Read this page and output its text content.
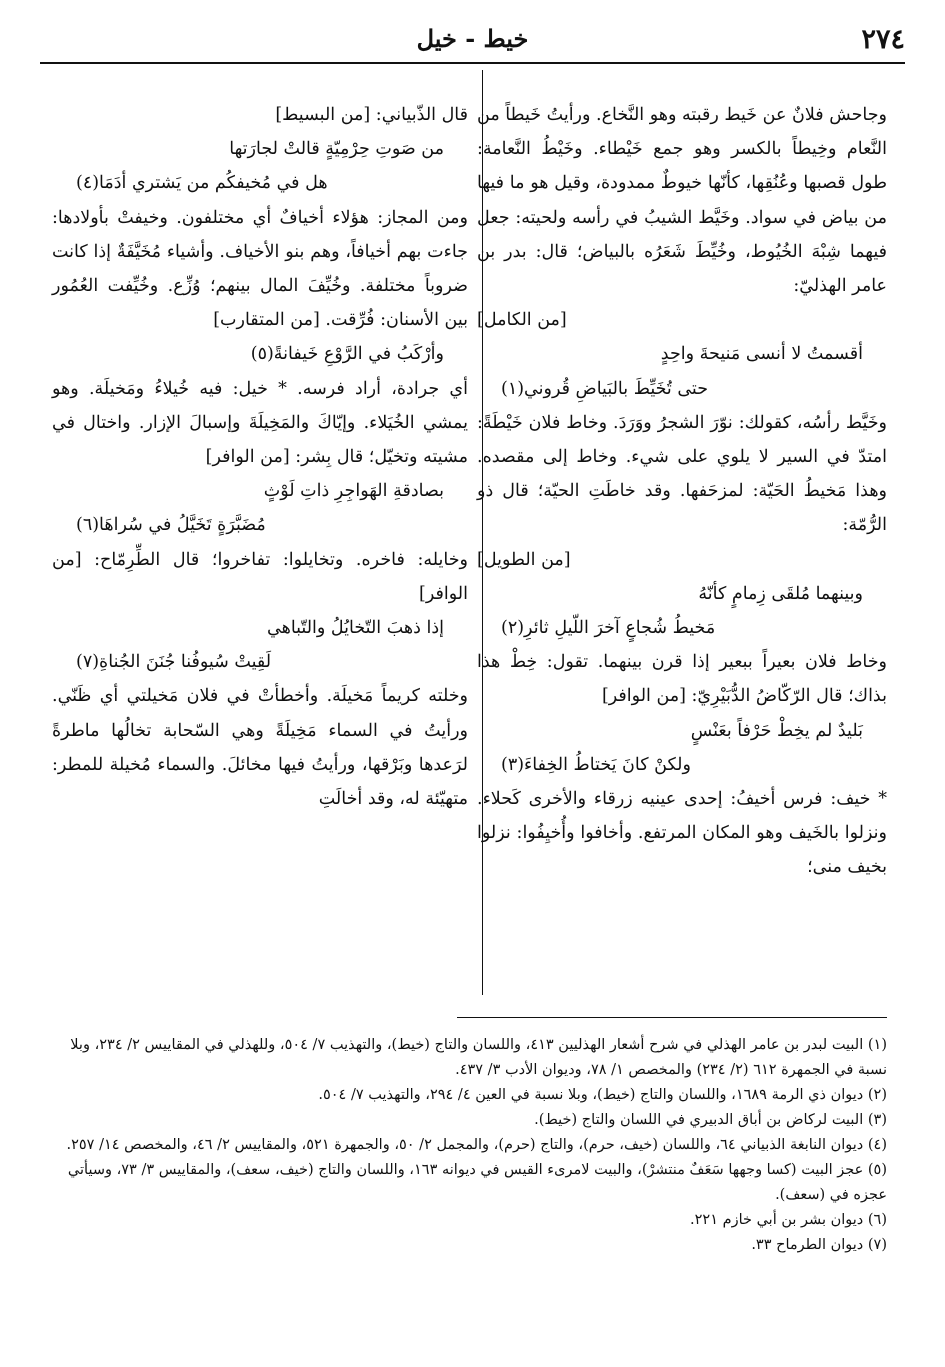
٢٧٤
خيط - خيل

وجاحش فلانٌ عن خَيط رقبته وهو النَّخاع. ورأيتُ خَيطاً من النَّعام وخِيطاً بالكسر وهو جمع خَيْطاء. وخَيْطُ النَّعامة: طول قصبها وعُنُقِها، كأنّها خيوطٌ ممدودة، وقيل هو ما فيها من بياض في سواد. وخَيَّط الشيبُ في رأسه ولحيته: جعل فيهما شِبْهَ الخُيُوط، وخُيِّطَ شَعَرُه بالبياض؛ قال: بدر بن عامر الهذليّ:

[من الكامل]

أقسمتُ لا أنسى مَنيحةَ واحِدٍ

حتى تُخَيِّطَ بالبَياضِ قُروني(١)

وخَيَّط رأسُه، كقولك: نوّرَ الشجرُ ووَرَدَ. وخاط فلان خَيْطَةً: امتدّ في السير لا يلوي على شيء. وخاط إلى مقصده. وهذا مَخيطُ الحَيّة: لمزحَفها. وقد خاطَتِ الحيّة؛ قال ذو الرُّمّة:

[من الطويل]

وبينهما مُلقَى زِمامٍ كأنّهُ

مَخيطُ شُجاعٍ آخرَ اللّيلِ ثائرِ(٢)

وخاط فلان بعيراً ببعير إذا قرن بينهما. تقول: خِطْ هذا بذاك؛ قال الرّكّاضُ الدُّبَيْرِيّ: [من الوافر]

بَليدٌ لم يخِطْ حَرْفاً بعَنْسٍ

ولكنْ كانَ يَختاطُ الخِفاءَ(٣)

* خيف: فرس أخيفُ: إحدى عينيه زرقاء والأخرى كَحلاء. ونزلوا بالخَيف وهو المكان المرتفع. وأخافوا وأُخيِفُوا: نزلوا بخيف منى؛

قال الذّبياني: [من البسيط]

من صَوتِ حِرْمِيّةٍ قالتْ لجارَتها

هل في مُخيفكُم من يَشتري أدَمَا(٤)

ومن المجاز: هؤلاء أخيافٌ أي مختلفون. وخيفتْ بأولادها: جاءت بهم أخيافاً، وهم بنو الأخياف. وأشياء مُخَيَّفَةٌ إذا كانت ضروباً مختلفة. وخُيِّفَ المال بينهم؛ وُزِّع. وخُيِّفت العُمُور بين الأسنان: فُرِّقت. [من المتقارب]

وأرْكَبُ في الرَّوْعِ خَيفانةً(٥)

أي جرادة، أراد فرسه. * خيل: فيه خُيلاءُ ومَخيلَة. وهو يمشي الخُيَلاء. وإيّاكَ والمَخِيلَةَ وإسبالَ الإزار. واختال في مشيته وتخيّل؛ قال بِشر: [من الوافر]

بصادقةِ الهَواجِرِ ذاتِ لَوْثٍ

مُضَبَّرَةٍ تَخَيَّلُ في سُراهَا(٦)

وخايله: فاخره. وتخايلوا: تفاخروا؛ قال الطِّرِمّاح: [من الوافر]

إذا ذهبَ التّخايُلُ والتّباهي

لَقِيتْ سُيوفُنا جُنَنَ الجُناةِ(٧)

وخلته كريماً مَخيلَة. وأخطأتْ في فلان مَخيلتي أي ظَنّي. ورأيتُ في السماء مَخِيلَةً وهي السّحابة تخالُها ماطرةً لرَعدها وبَرْقها، ورأيتُ فيها مخائلَ. والسماء مُخيلة للمطر: متهيّئة له، وقد أخالَتِ

(١) البيت لبدر بن عامر الهذلي في شرح أشعار الهذليين ٤١٣، واللسان والتاج (خيط)، والتهذيب ٧/ ٥٠٤، وللهذلي في المقاييس ٢/ ٢٣٤، وبلا نسبة في الجمهرة ٦١٢ (٢/ ٢٣٤) والمخصص ١/ ٧٨، وديوان الأدب ٣/ ٤٣٧.

(٢) ديوان ذي الرمة ١٦٨٩، واللسان والتاج (خيط)، وبلا نسبة في العين ٤/ ٢٩٤، والتهذيب ٧/ ٥٠٤.

(٣) البيت لركاض بن أباق الدبيري في اللسان والتاج (خيط).

(٤) ديوان النابغة الذبياني ٦٤، واللسان (خيف، حرم)، والتاج (حرم)، والمجمل ٢/ ٥٠، والجمهرة ٥٢١، والمقاييس ٢/ ٤٦، والمخصص ١٤/ ٢٥٧.

(٥) عجز البيت (كسا وجهها سَعَفٌ منتشرْ)، والبيت لامرىء القيس في ديوانه ١٦٣، واللسان والتاج (خيف، سعف)، والمقاييس ٣/ ٧٣، وسيأتي عجزه في (سعف).

(٦) ديوان بشر بن أبي خازم ٢٢١.

(٧) ديوان الطرماح ٣٣.
